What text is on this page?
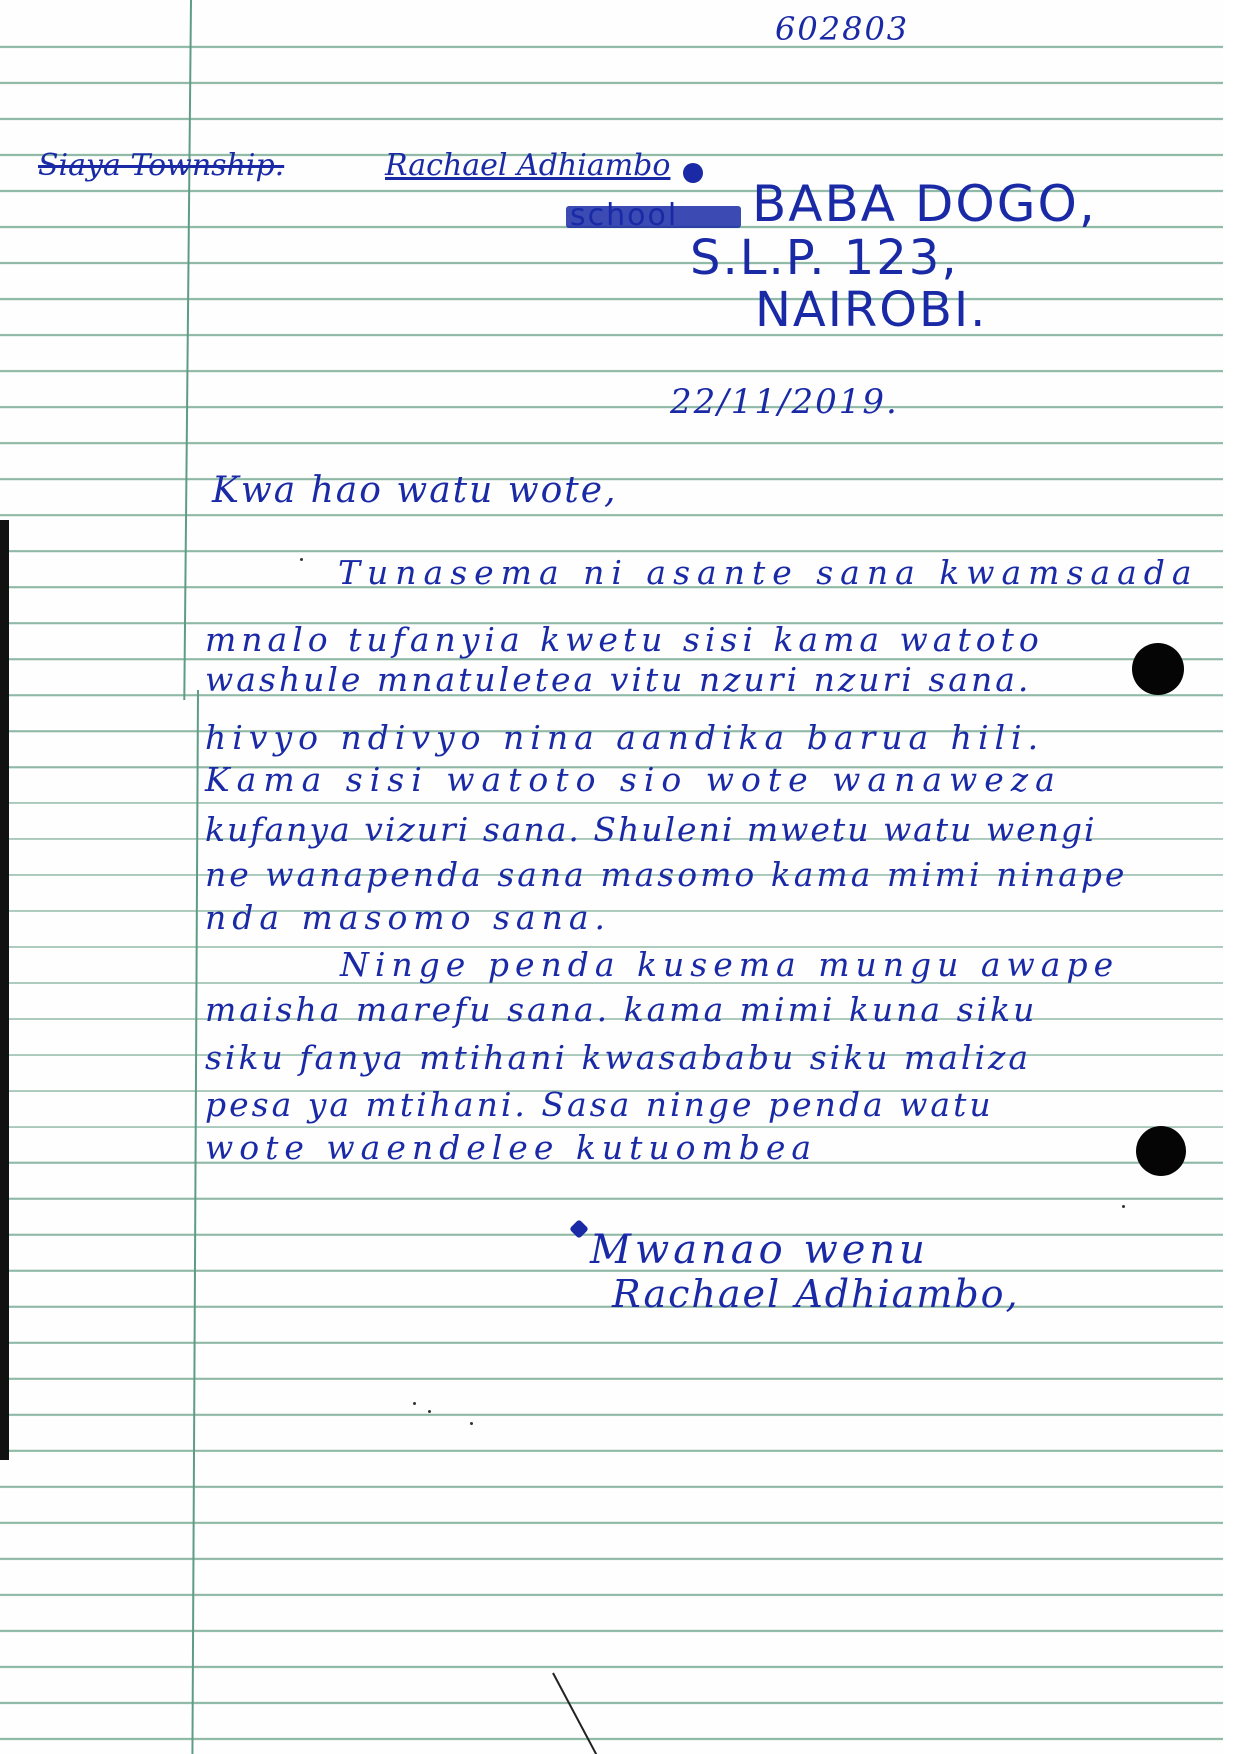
602803
Siaya Township.	Rachael Adhiambo
BABA DOGO,
S.L.P. 123,
NAIROBI.
22/11/2019.
Kwa hao watu wote,
Tunasema ni asante sana kwamsaada
mnalo tufanyia kwetu sisi kama watoto
washule mnatuletea vitu nzuri nzuri sana.
hivyo ndivyo nina aandika barua hili.
Kama sisi watoto sio wote wanaweza
kufanya vizuri sana. Shuleni mwetu watu wengi
ne wanapenda sana masomo kama mimi ninape
nda masomo sana.
Ninge penda kusema mungu awape
maisha marefu sana. kama mimi kuna siku
siku fanya mtihani kwasababu siku maliza
pesa ya mtihani. Sasa ninge penda watu
wote waendelee kutuombea
Mwanao wenu
Rachael Adhiambo,
